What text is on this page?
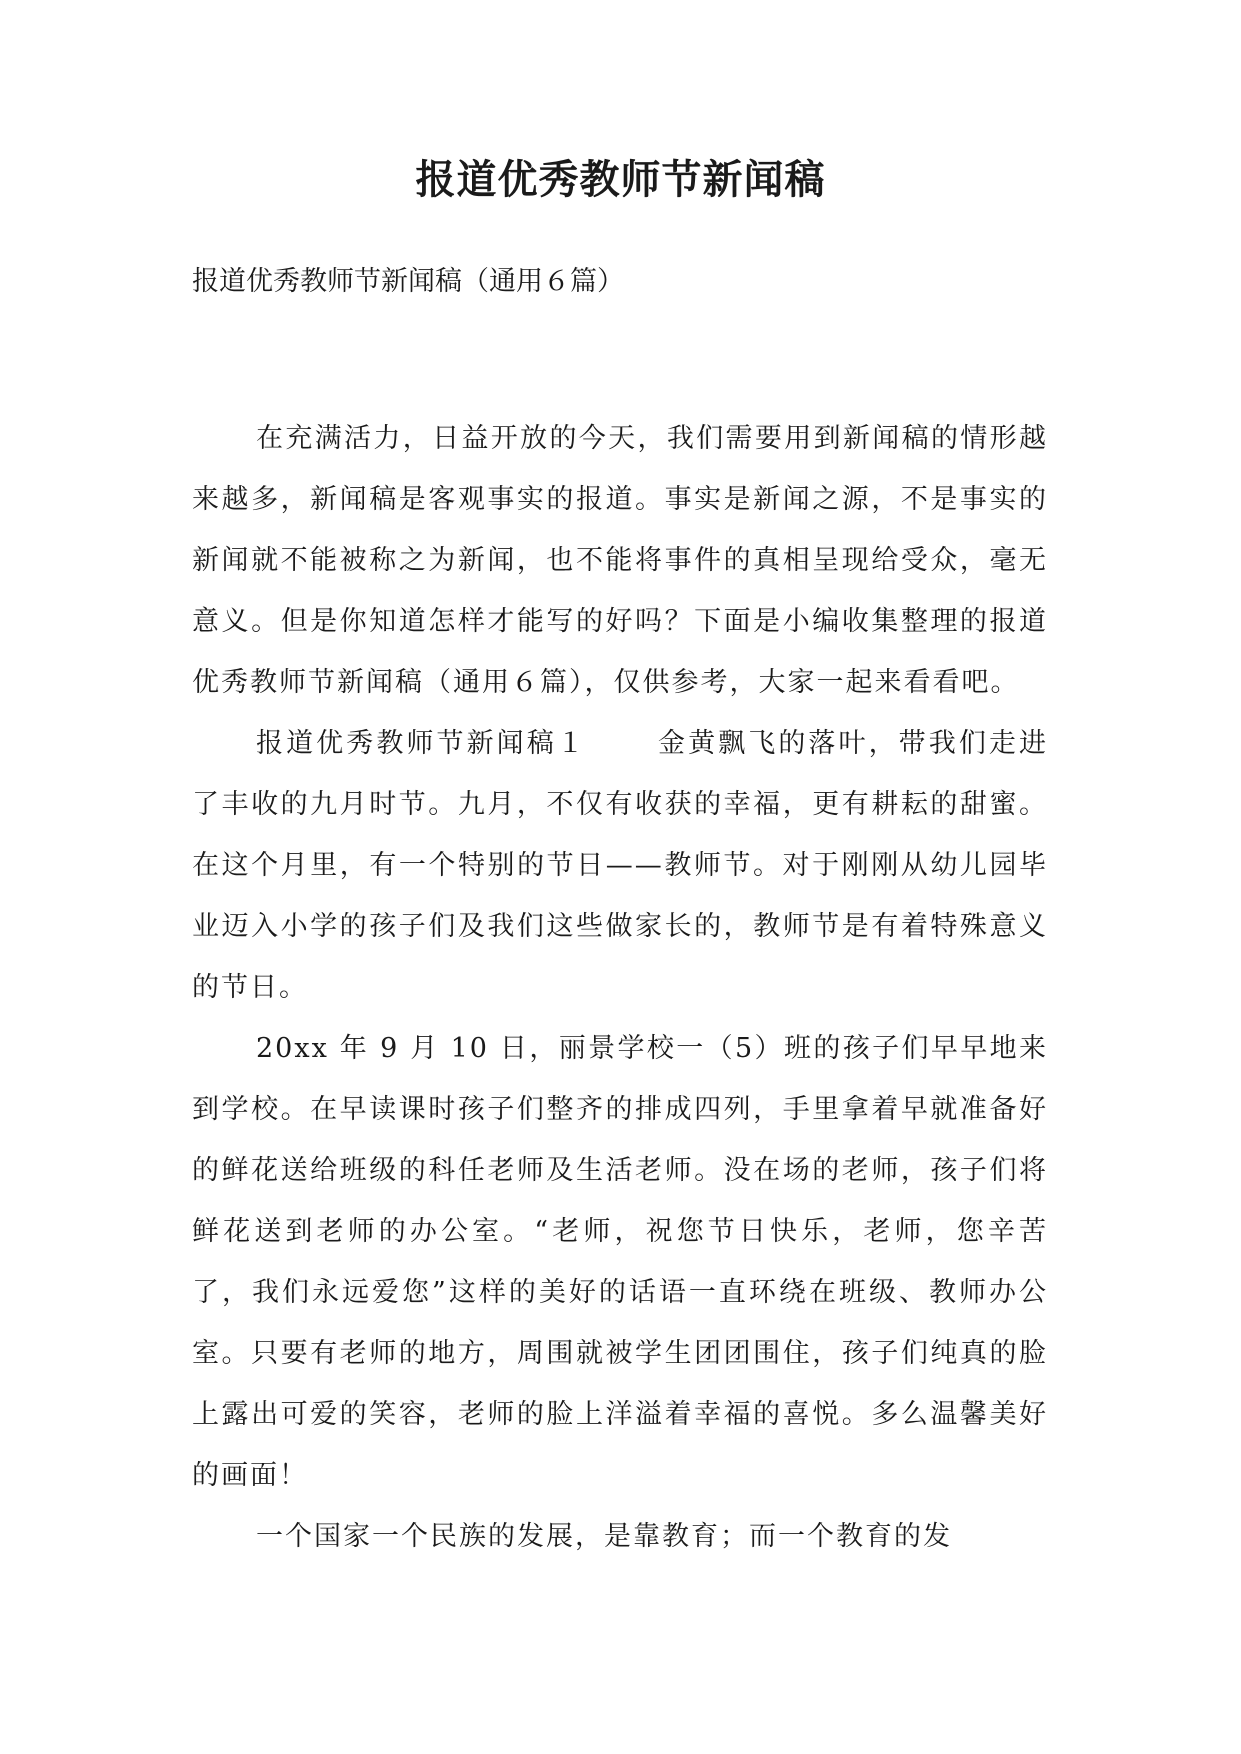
报道优秀教师节新闻稿

报道优秀教师节新闻稿（通用６篇）

在充满活力，日益开放的今天，我们需要用到新闻稿的情形越来越多，新闻稿是客观事实的报道。事实是新闻之源，不是事实的新闻就不能被称之为新闻，也不能将事件的真相呈现给受众，毫无意义。但是你知道怎样才能写的好吗？下面是小编收集整理的报道优秀教师节新闻稿（通用６篇），仅供参考，大家一起来看看吧。

报道优秀教师节新闻稿１	金黄飘飞的落叶，带我们走进了丰收的九月时节。九月，不仅有收获的幸福，更有耕耘的甜蜜。在这个月里，有一个特别的节日——教师节。对于刚刚从幼儿园毕业迈入小学的孩子们及我们这些做家长的，教师节是有着特殊意义的节日。

20xx 年 9 月 10 日，丽景学校一（5）班的孩子们早早地来到学校。在早读课时孩子们整齐的排成四列，手里拿着早就准备好的鲜花送给班级的科任老师及生活老师。没在场的老师，孩子们将鲜花送到老师的办公室。“老师，祝您节日快乐，老师，您辛苦了，我们永远爱您”这样的美好的话语一直环绕在班级、教师办公室。只要有老师的地方，周围就被学生团团围住，孩子们纯真的脸上露出可爱的笑容，老师的脸上洋溢着幸福的喜悦。多么温馨美好的画面！

一个国家一个民族的发展，是靠教育；而一个教育的发
